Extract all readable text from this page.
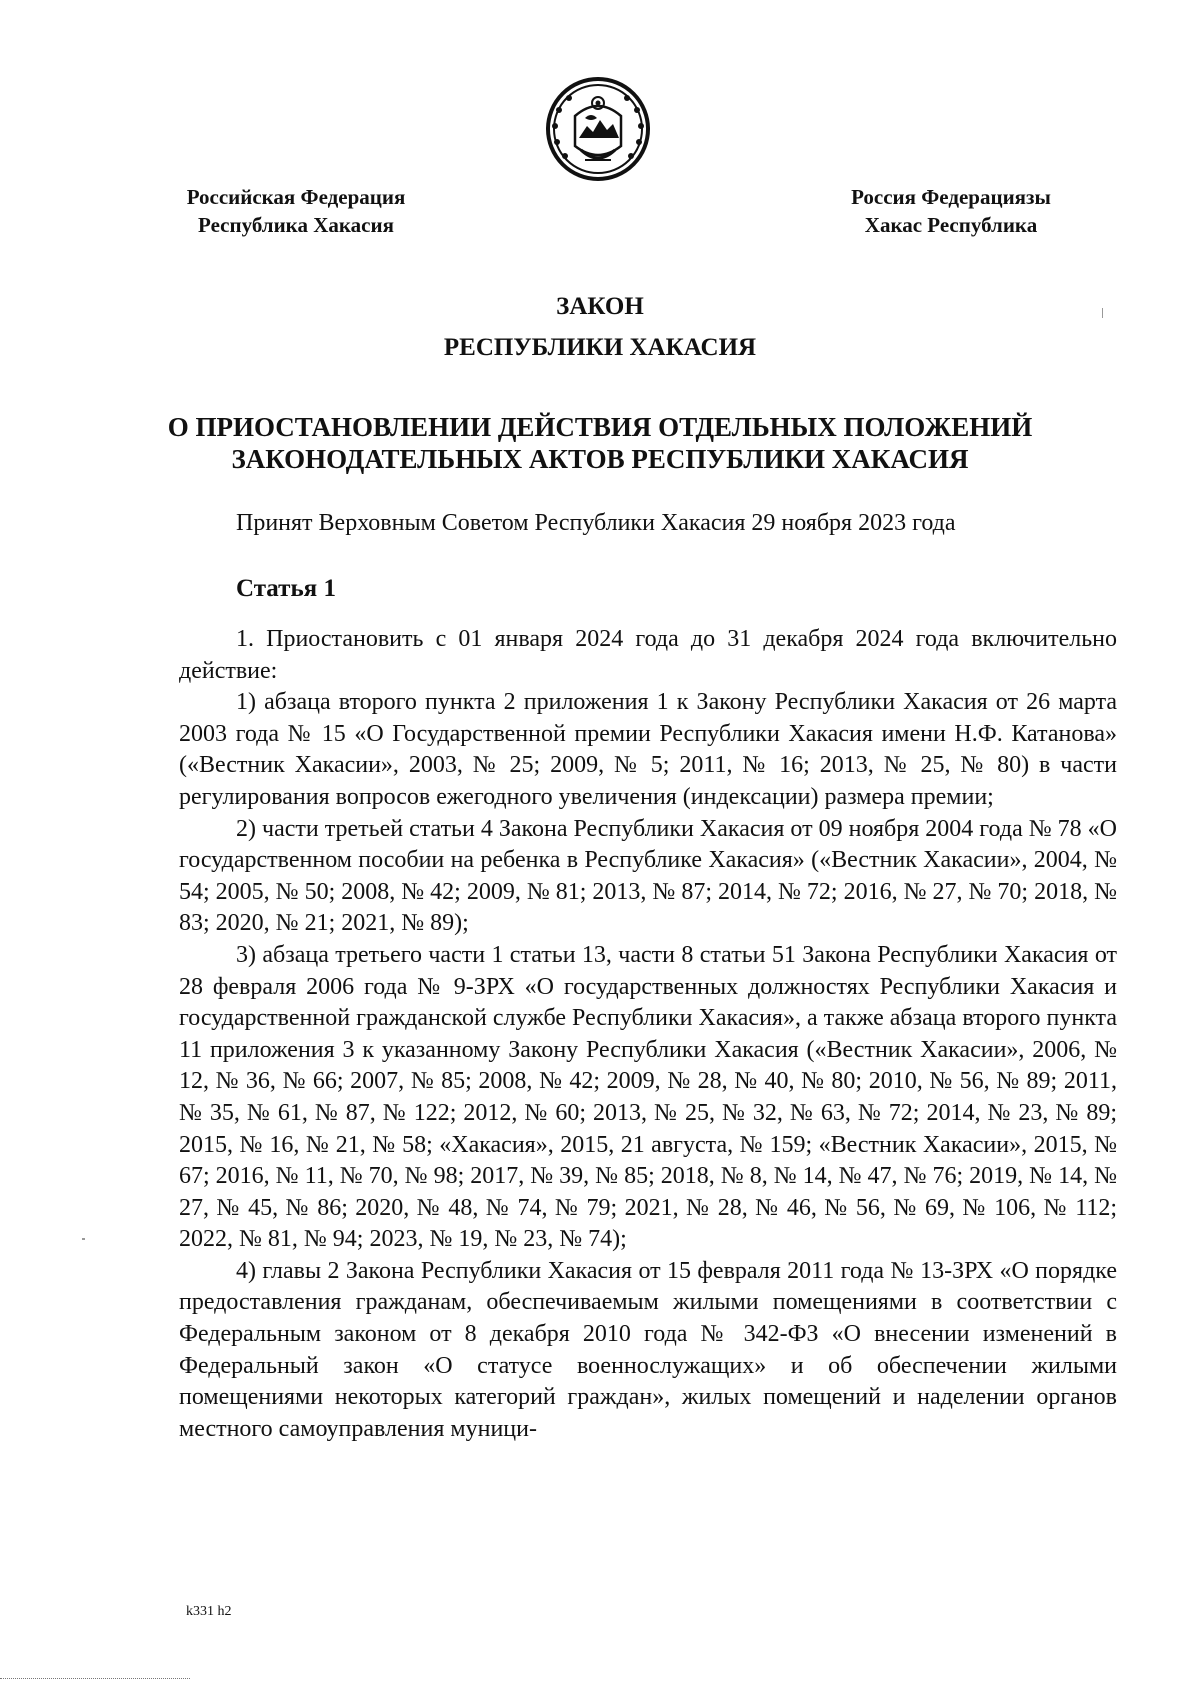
Российская Федерация
Республика Хакасия
Россия Федерациязы
Хакас Республика
ЗАКОН
РЕСПУБЛИКИ ХАКАСИЯ
О ПРИОСТАНОВЛЕНИИ ДЕЙСТВИЯ ОТДЕЛЬНЫХ ПОЛОЖЕНИЙ
ЗАКОНОДАТЕЛЬНЫХ АКТОВ РЕСПУБЛИКИ ХАКАСИЯ
Принят Верховным Советом Республики Хакасия 29 ноября 2023 года
Статья 1

1. Приостановить с 01 января 2024 года до 31 декабря 2024 года включительно действие:

1) абзаца второго пункта 2 приложения 1 к Закону Республики Хакасия от 26 марта 2003 года № 15 «О Государственной премии Республики Хакасия имени Н.Ф. Катанова» («Вестник Хакасии», 2003, № 25; 2009, № 5; 2011, № 16; 2013, № 25, № 80) в части регулирования вопросов ежегодного увеличения (индексации) размера премии;

2) части третьей статьи 4 Закона Республики Хакасия от 09 ноября 2004 года № 78 «О государственном пособии на ребенка в Республике Хакасия» («Вестник Хакасии», 2004, № 54; 2005, № 50; 2008, № 42; 2009, № 81; 2013, № 87; 2014, № 72; 2016, № 27, № 70; 2018, № 83; 2020, № 21; 2021, № 89);

3) абзаца третьего части 1 статьи 13, части 8 статьи 51 Закона Республики Хакасия от 28 февраля 2006 года № 9-ЗРХ «О государственных должностях Республики Хакасия и государственной гражданской службе Республики Хакасия», а также абзаца второго пункта 11 приложения 3 к указанному Закону Республики Хакасия («Вестник Хакасии», 2006, № 12, № 36, № 66; 2007, № 85; 2008, № 42; 2009, № 28, № 40, № 80; 2010, № 56, № 89; 2011, № 35, № 61, № 87, № 122; 2012, № 60; 2013, № 25, № 32, № 63, № 72; 2014, № 23, № 89; 2015, № 16, № 21, № 58; «Хакасия», 2015, 21 августа, № 159; «Вестник Хакасии», 2015, № 67; 2016, № 11, № 70, № 98; 2017, № 39, № 85; 2018, № 8, № 14, № 47, № 76; 2019, № 14, № 27, № 45, № 86; 2020, № 48, № 74, № 79; 2021, № 28, № 46, № 56, № 69, № 106, № 112; 2022, № 81, № 94; 2023, № 19, № 23, № 74);

4) главы 2 Закона Республики Хакасия от 15 февраля 2011 года № 13-ЗРХ «О порядке предоставления гражданам, обеспечиваемым жилыми помещениями в соответствии с Федеральным законом от 8 декабря 2010 года № 342-ФЗ «О внесении изменений в Федеральный закон «О статусе военнослужащих» и об обеспечении жилыми помещениями некоторых категорий граждан», жилых помещений и наделении органов местного самоуправления муници-

k331 h2
